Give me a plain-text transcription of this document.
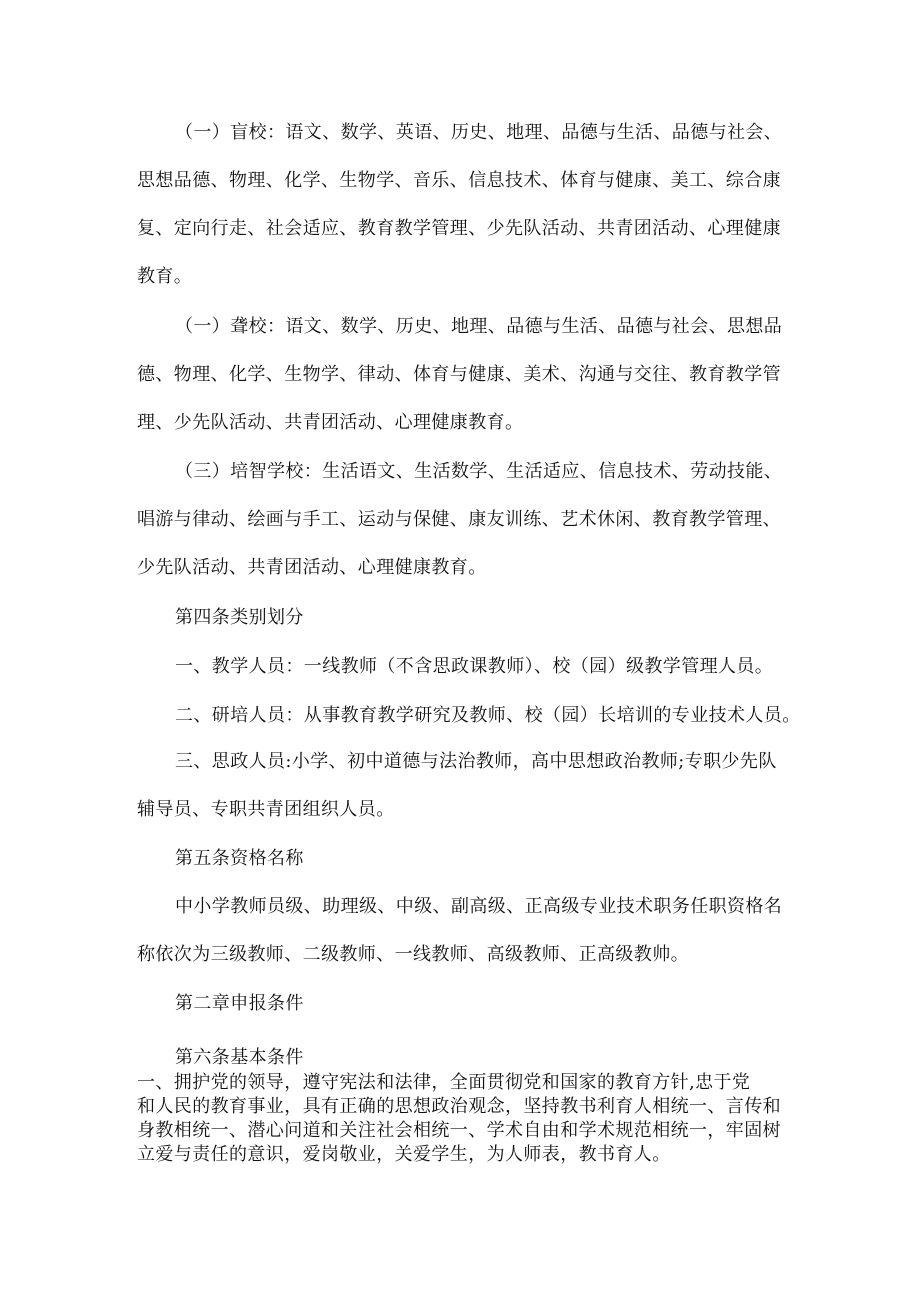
（一）盲校：语文、数学、英语、历史、地理、品德与生活、品德与社会、
思想品德、物理、化学、生物学、音乐、信息技术、体育与健康、美工、综合康
复、定向行走、社会适应、教育教学管理、少先队活动、共青团活动、心理健康
教育。
（一）聋校：语文、数学、历史、地理、品德与生活、品德与社会、思想品
德、物理、化学、生物学、律动、体育与健康、美术、沟通与交往、教育教学管
理、少先队活动、共青团活动、心理健康教育。
（三）培智学校：生活语文、生活数学、生活适应、信息技术、劳动技能、
唱游与律动、绘画与手工、运动与保健、康友训练、艺术休闲、教育教学管理、
少先队活动、共青团活动、心理健康教育。
第四条类别划分
一、教学人员：一线教师（不含思政课教师）、校（园）级教学管理人员。
二、研培人员：从事教育教学研究及教师、校（园）长培训的专业技术人员。
三、思政人员:小学、初中道德与法治教师，高中思想政治教师;专职少先队
辅导员、专职共青团组织人员。
第五条资格名称
中小学教师员级、助理级、中级、副高级、正高级专业技术职务任职资格名
称依次为三级教师、二级教师、一线教师、高级教师、正高级教帅。
第二章申报条件
第六条基本条件
一、拥护党的领导，遵守宪法和法律，全面贯彻党和国家的教育方针,忠于党
和人民的教育事业，具有正确的思想政治观念，坚持教书利育人相统一、言传和
身教相统一、潜心问道和关注社会相统一、学术自由和学术规范相统一，牢固树
立爱与责任的意识，爱岗敬业，关爱学生，为人师表，教书育人。
